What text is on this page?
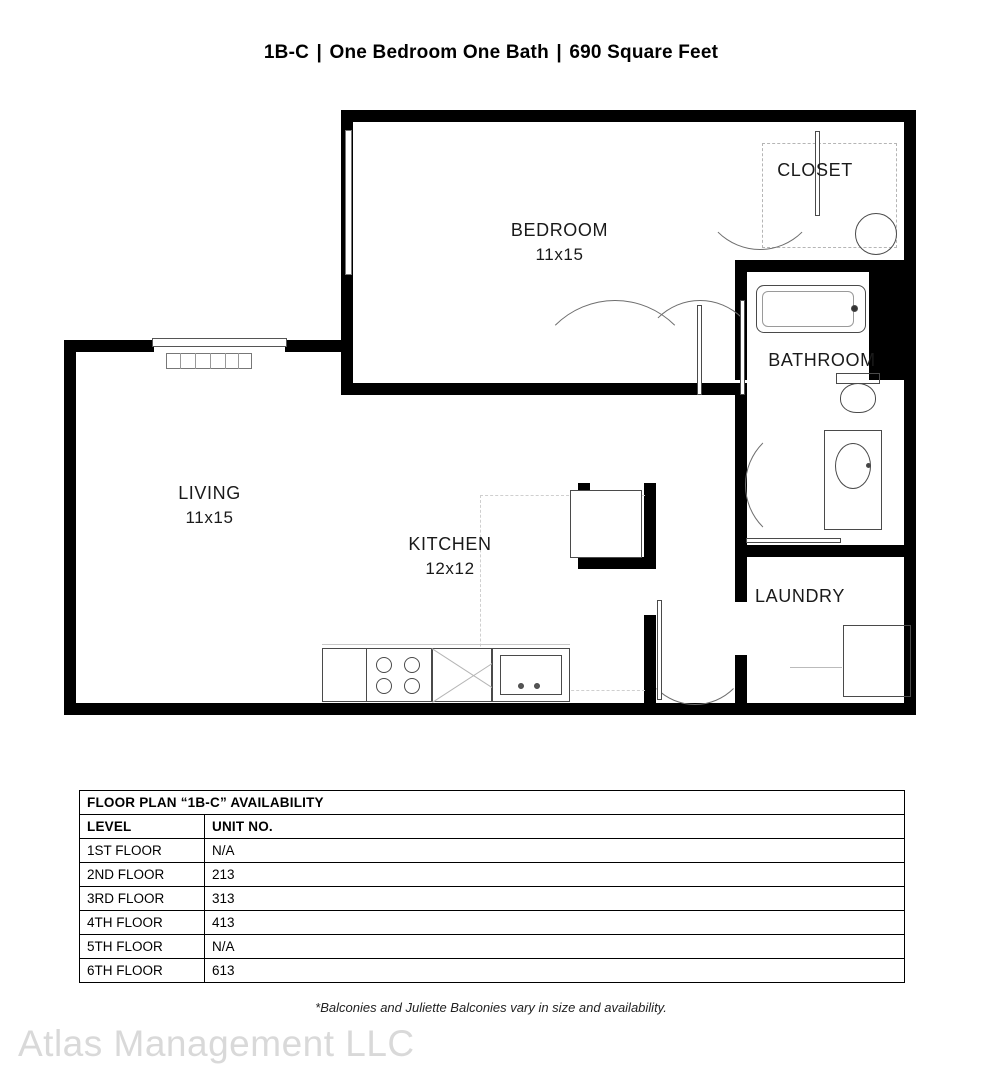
1B-C | One Bedroom One Bath | 690 Square Feet
BEDROOM
11x15
CLOSET
BATHROOM
LIVING
11x15
KITCHEN
12x12
LAUNDRY
FLOOR PLAN “1B-C” AVAILABILITY	
LEVEL	UNIT NO.
1ST FLOOR	N/A
2ND FLOOR	213
3RD FLOOR	313
4TH FLOOR	413
5TH FLOOR	N/A
6TH FLOOR	613
*Balconies and Juliette Balconies vary in size and availability.
Atlas Management LLC
